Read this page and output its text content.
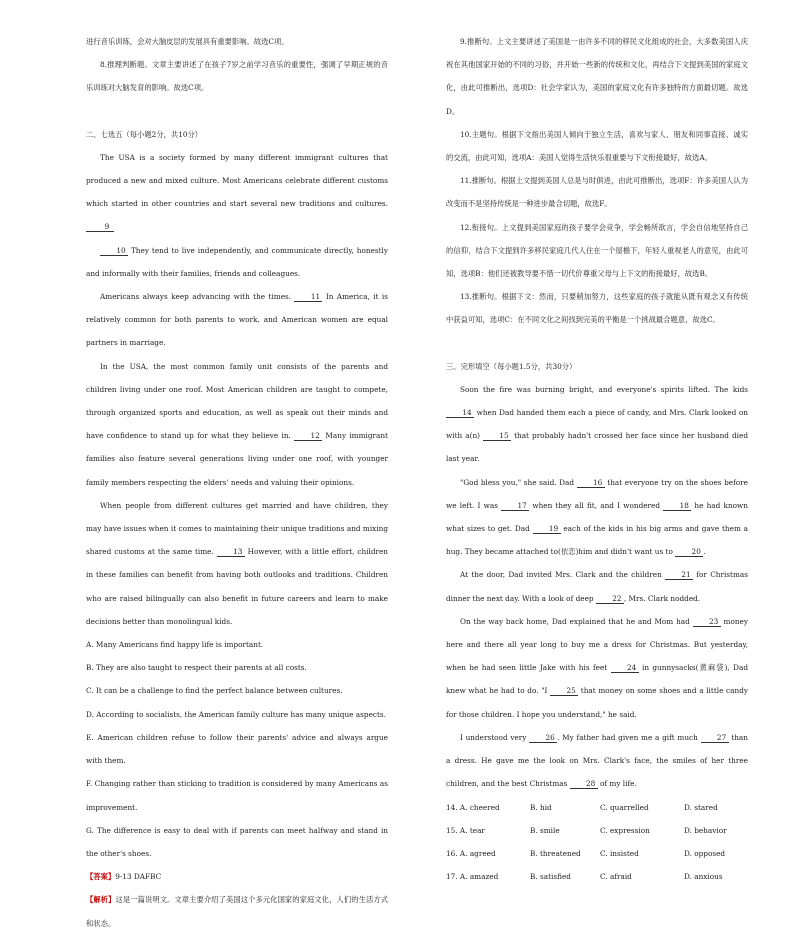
进行音乐训练，会对大脑皮层的发展具有重要影响。故选C项。

8.推理判断题。文章主要讲述了在孩子7岁之前学习音乐的重要性，强调了早期正规的音乐训练对大脑发育的影响。故选C项。

二、七选五（每小题2分，共10分）

The USA is a society formed by many different immigrant cultures that produced a new and mixed culture. Most Americans celebrate different customs which started in other countries and start several new traditions and cultures. 9

10 They tend to live independently, and communicate directly, honestly and informally with their families, friends and colleagues.

Americans always keep advancing with the times. 11 In America, it is relatively common for both parents to work, and American women are equal partners in marriage.

In the USA, the most common family unit consists of the parents and children living under one roof. Most American children are taught to compete, through organized sports and education, as well as speak out their minds and have confidence to stand up for what they believe in. 12 Many immigrant families also feature several generations living under one roof, with younger family members respecting the elders' needs and valuing their opinions.

When people from different cultures get married and have children, they may have issues when it comes to maintaining their unique traditions and mixing shared customs at the same time. 13 However, with a little effort, children in these families can benefit from having both outlooks and traditions. Children who are raised bilingually can also benefit in future careers and learn to make decisions better than monolingual kids.

A. Many Americans find happy life is important.

B. They are also taught to respect their parents at all costs.

C. It can be a challenge to find the perfect balance between cultures.

D. According to socialists, the American family culture has many unique aspects.

E. American children refuse to follow their parents' advice and always argue with them.

F. Changing rather than sticking to tradition is considered by many Americans as improvement.

G. The difference is easy to deal with if parents can meet halfway and stand in the other's shoes.

【答案】9-13 DAFBC

【解析】这是一篇说明文。文章主要介绍了美国这个多元化国家的家庭文化，人们的生活方式和状态。

9.推断句。上文主要讲述了美国是一由许多不同的移民文化组成的社会，大多数美国人庆祝在其他国家开始的不同的习俗，并开始一些新的传统和文化，再结合下文提到美国的家庭文化，由此可推断出，选项D：社会学家认为，美国的家庭文化有许多独特的方面最切题。故选D。

10.主题句。根据下文指出美国人倾向于独立生活，喜欢与家人、朋友和同事直接、诚实的交流，由此可知，选项A：美国人觉得生活快乐很重要与下文衔接最好，故选A。

11.推断句。根据上文提到美国人总是与时俱进，由此可推断出，选项F：许多美国人认为改变而不是坚持传统是一种进步最合切题，故选F。

12.衔接句。上文提到美国家庭的孩子要学会竞争，学会畅所欲言，学会自信地坚持自己的信仰，结合下文提到许多移民家庭几代人住在一个屋檐下，年轻人重视老人的意见，由此可知，选项B：他们还被教导要不惜一切代价尊重父母与上下文的衔接最好，故选B。

13.推断句。根据下文：然而，只要稍加努力，这些家庭的孩子就能从既有观念又有传统中获益可知，选项C：在不同文化之间找到完美的平衡是一个挑战最合题意，故选C。

三、完形填空（每小题1.5分，共30分）

Soon the fire was burning bright, and everyone's spirits lifted. The kids 14 when Dad handed them each a piece of candy, and Mrs. Clark looked on with a(n) 15 that probably hadn't crossed her face since her husband died last year.

"God bless you," she said. Dad 16 that everyone try on the shoes before we left. I was 17 when they all fit, and I wondered 18 he had known what sizes to get. Dad 19 each of the kids in his big arms and gave them a hug. They became attached to(依恋)him and didn't want us to 20 .

At the door, Dad invited Mrs. Clark and the children 21 for Christmas dinner the next day. With a look of deep 22 , Mrs. Clark nodded.

On the way back home, Dad explained that he and Mom had 23 money here and there all year long to buy me a dress for Christmas. But yesterday, when he had seen little Jake with his feet 24 in gunnysacks(黄麻袋), Dad knew what he had to do. "I 25 that money on some shoes and a little candy for those children. I hope you understand," he said.

I understood very 26 . My father had given me a gift much 27 than a dress. He gave me the look on Mrs. Clark's face, the smiles of her three children, and the best Christmas 28 of my life.

14. A. cheered	B. hid	C. quarrelled	D. stared
15. A. tear	B. smile	C. expression	D. behavior
16. A. agreed	B. threatened	C. insisted	D. opposed
17. A. amazed	B. satisfied	C. afraid	D. anxious
